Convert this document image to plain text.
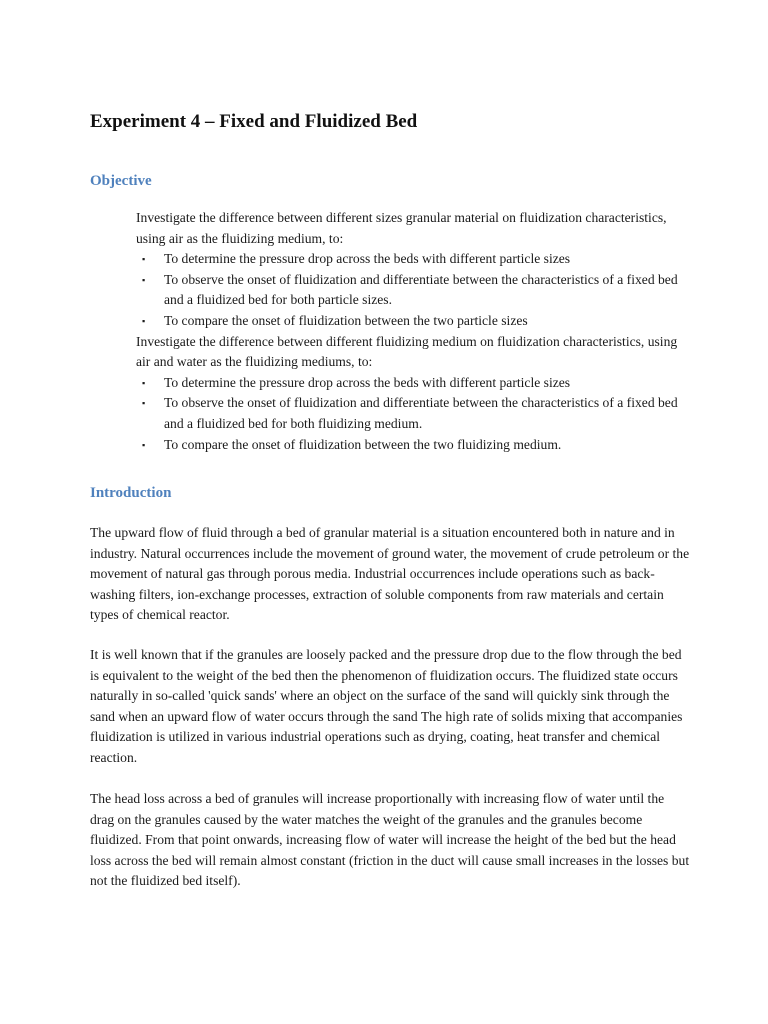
Experiment 4 – Fixed and Fluidized Bed
Objective

Investigate the difference between different sizes granular material on fluidization characteristics, using air as the fluidizing medium, to:

▪ To determine the pressure drop across the beds with different particle sizes
▪ To observe the onset of fluidization and differentiate between the characteristics of a fixed bed and a fluidized bed for both particle sizes.
▪ To compare the onset of fluidization between the two particle sizes

Investigate the difference between different fluidizing medium on fluidization characteristics, using air and water as the fluidizing mediums, to:

▪ To determine the pressure drop across the beds with different particle sizes
▪ To observe the onset of fluidization and differentiate between the characteristics of a fixed bed and a fluidized bed for both fluidizing medium.
▪ To compare the onset of fluidization between the two fluidizing medium.
Introduction

The upward flow of fluid through a bed of granular material is a situation encountered both in nature and in industry. Natural occurrences include the movement of ground water, the movement of crude petroleum or the movement of natural gas through porous media. Industrial occurrences include operations such as back-washing filters, ion-exchange processes, extraction of soluble components from raw materials and certain types of chemical reactor.

It is well known that if the granules are loosely packed and the pressure drop due to the flow through the bed is equivalent to the weight of the bed then the phenomenon of fluidization occurs. The fluidized state occurs naturally in so-called 'quick sands' where an object on the surface of the sand will quickly sink through the sand when an upward flow of water occurs through the sand The high rate of solids mixing that accompanies fluidization is utilized in various industrial operations such as drying, coating, heat transfer and chemical reaction.

The head loss across a bed of granules will increase proportionally with increasing flow of water until the drag on the granules caused by the water matches the weight of the granules and the granules become fluidized. From that point onwards, increasing flow of water will increase the height of the bed but the head loss across the bed will remain almost constant (friction in the duct will cause small increases in the losses but not the fluidized bed itself).
